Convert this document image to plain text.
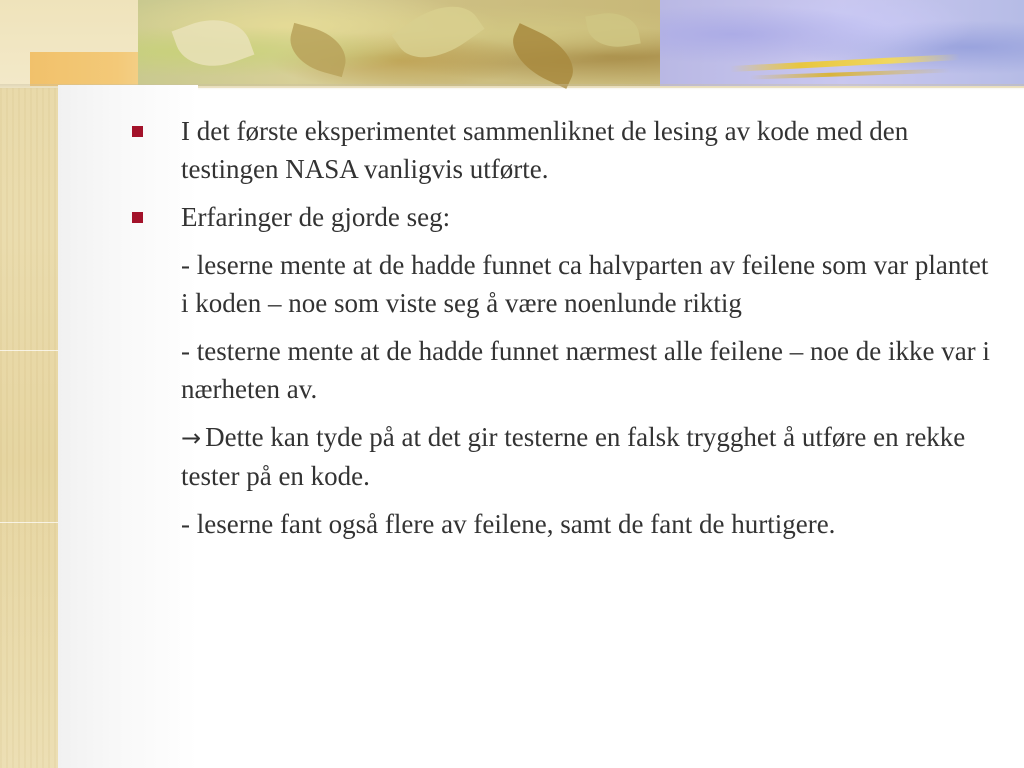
I det første eksperimentet sammenliknet de lesing av kode med den testingen NASA vanligvis utførte.
Erfaringer de gjorde seg:
- leserne mente at de hadde funnet ca halvparten av feilene som var plantet i koden – noe som viste seg å være noenlunde riktig
- testerne mente at de hadde funnet nærmest alle feilene – noe de ikke var i nærheten av.
→ Dette kan tyde på at det gir testerne en falsk trygghet å utføre en rekke tester på en kode.
- leserne fant også flere av feilene, samt de fant de hurtigere.
